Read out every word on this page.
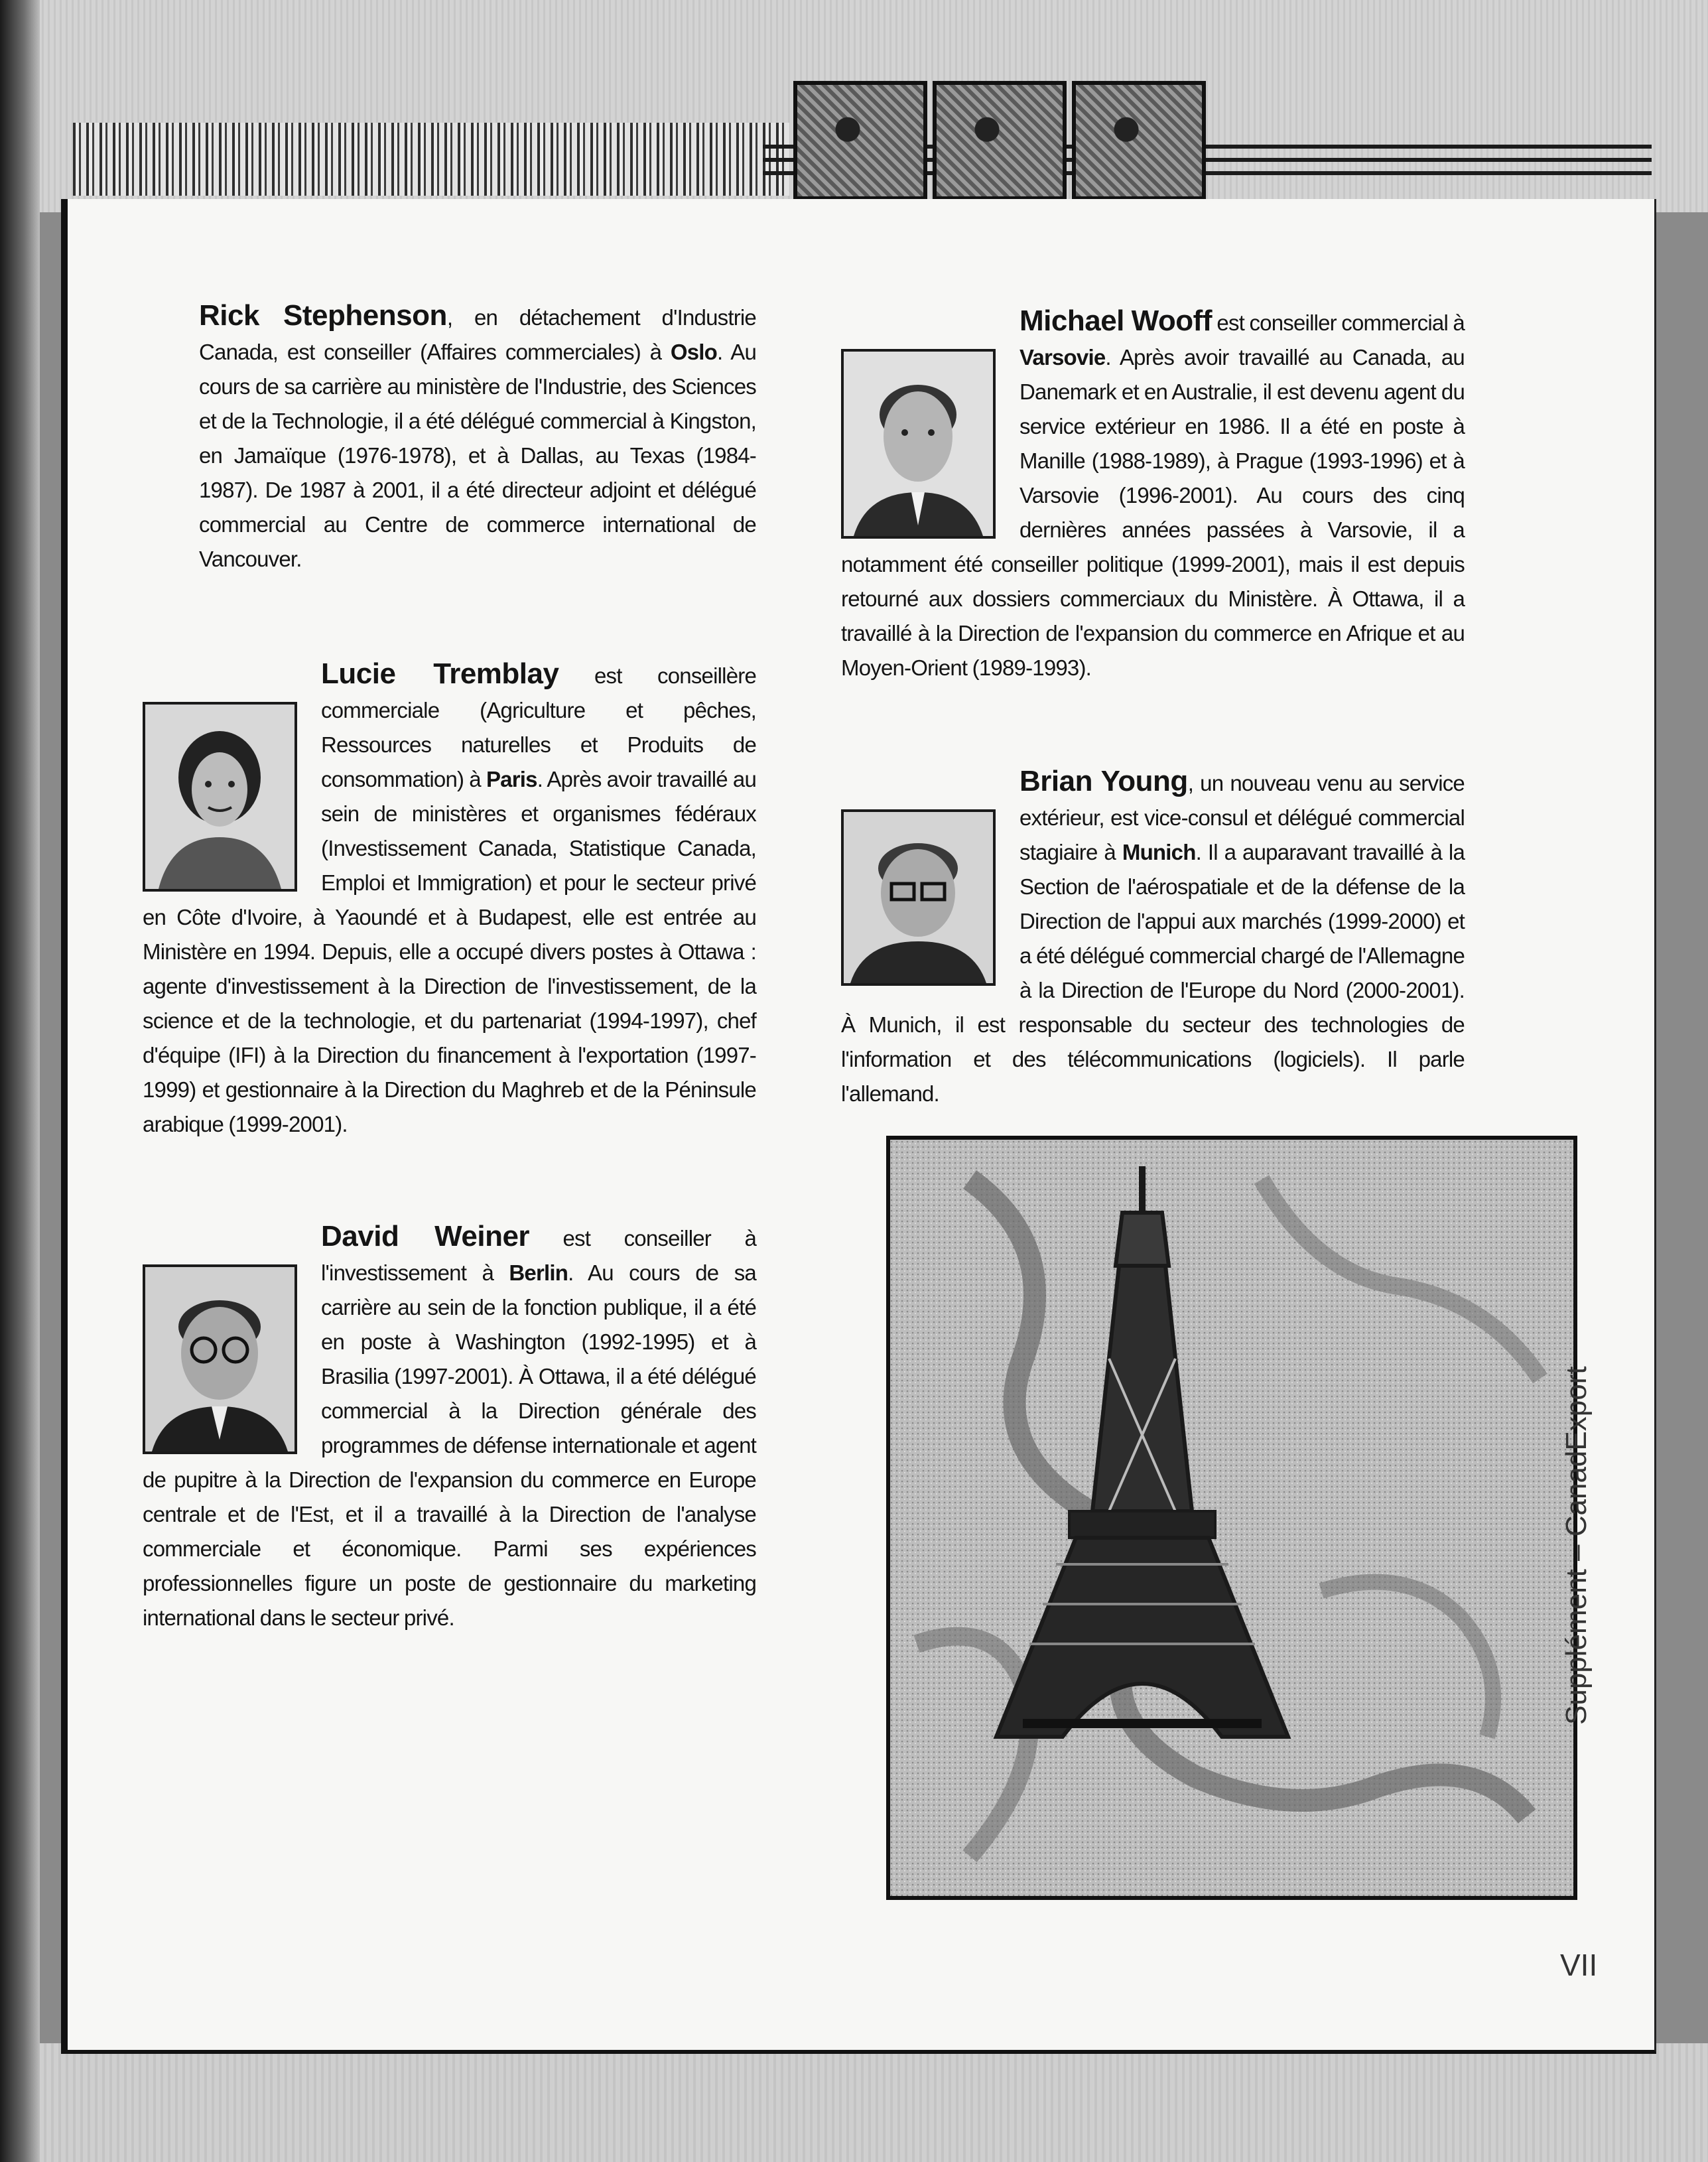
Rick Stephenson, en détachement d'Industrie Canada, est conseiller (Affaires commerciales) à Oslo. Au cours de sa carrière au ministère de l'Industrie, des Sciences et de la Technologie, il a été délégué commercial à Kingston, en Jamaïque (1976-1978), et à Dallas, au Texas (1984-1987). De 1987 à 2001, il a été directeur adjoint et délégué commercial au Centre de commerce international de Vancouver.

Lucie Tremblay est conseillère commerciale (Agriculture et pêches, Ressources naturelles et Produits de consommation) à Paris. Après avoir travaillé au sein de ministères et organismes fédéraux (Investissement Canada, Statistique Canada, Emploi et Immigration) et pour le secteur privé en Côte d'Ivoire, à Yaoundé et à Budapest, elle est entrée au Ministère en 1994. Depuis, elle a occupé divers postes à Ottawa : agente d'investissement à la Direction de l'investissement, de la science et de la technologie, et du partenariat (1994-1997), chef d'équipe (IFI) à la Direction du financement à l'exportation (1997-1999) et gestionnaire à la Direction du Maghreb et de la Péninsule arabique (1999-2001).

David Weiner est conseiller à l'investissement à Berlin. Au cours de sa carrière au sein de la fonction publique, il a été en poste à Washington (1992-1995) et à Brasilia (1997-2001). À Ottawa, il a été délégué commercial à la Direction générale des programmes de défense internationale et agent de pupitre à la Direction de l'expansion du commerce en Europe centrale et de l'Est, et il a travaillé à la Direction de l'analyse commerciale et économique. Parmi ses expériences professionnelles figure un poste de gestionnaire du marketing international dans le secteur privé.

Michael Wooff est conseiller commercial à Varsovie. Après avoir travaillé au Canada, au Danemark et en Australie, il est devenu agent du service extérieur en 1986. Il a été en poste à Manille (1988-1989), à Prague (1993-1996) et à Varsovie (1996-2001). Au cours des cinq dernières années passées à Varsovie, il a notamment été conseiller politique (1999-2001), mais il est depuis retourné aux dossiers commerciaux du Ministère. À Ottawa, il a travaillé à la Direction de l'expansion du commerce en Afrique et au Moyen-Orient (1989-1993).

Brian Young, un nouveau venu au service extérieur, est vice-consul et délégué commercial stagiaire à Munich. Il a auparavant travaillé à la Section de l'aérospatiale et de la défense de la Direction de l'appui aux marchés (1999-2000) et a été délégué commercial chargé de l'Allemagne à la Direction de l'Europe du Nord (2000-2001). À Munich, il est responsable du secteur des technologies de l'information et des télécommunications (logiciels). Il parle l'allemand.

Supplément – CanadExport
VII
